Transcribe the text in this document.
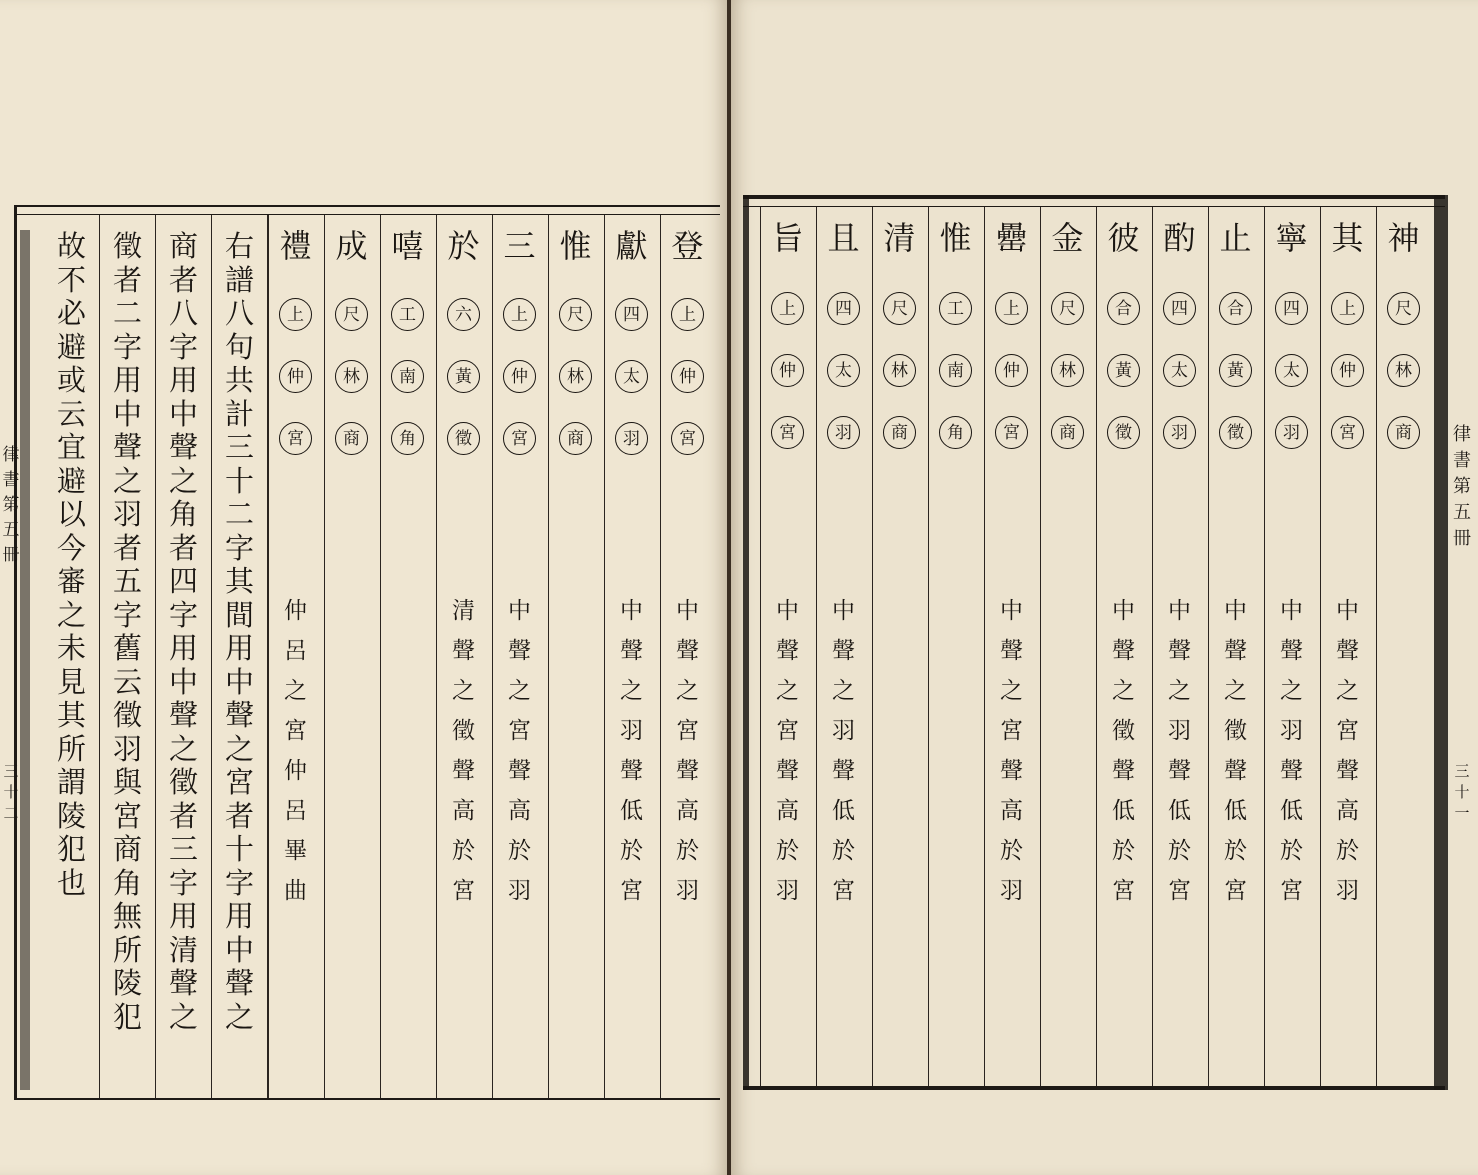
登
上
仲
宮
中
聲
之
宮
聲
高
於
羽
獻
四
太
羽
中
聲
之
羽
聲
低
於
宮
惟
尺
林
商
三
上
仲
宮
中
聲
之
宮
聲
高
於
羽
於
六
黃
徵
清
聲
之
徵
聲
高
於
宮
嘻
工
南
角
成
尺
林
商
禮
上
仲
宮
仲
呂
之
宮
仲
呂
畢
曲
右
譜
八
句
共
計
三
十
二
字
其
間
用
中
聲
之
宮
者
十
字
用
中
聲
之
商
者
八
字
用
中
聲
之
角
者
四
字
用
中
聲
之
徵
者
三
字
用
清
聲
之
徵
者
二
字
用
中
聲
之
羽
者
五
字
舊
云
徵
羽
與
宮
商
角
無
所
陵
犯
故
不
必
避
或
云
宜
避
以
今
審
之
未
見
其
所
謂
陵
犯
也
律書第五冊
三十二
神
尺
林
商
其
上
仲
宮
中
聲
之
宮
聲
高
於
羽
寧
四
太
羽
中
聲
之
羽
聲
低
於
宮
止
合
黃
徵
中
聲
之
徵
聲
低
於
宮
酌
四
太
羽
中
聲
之
羽
聲
低
於
宮
彼
合
黃
徵
中
聲
之
徵
聲
低
於
宮
金
尺
林
商
罍
上
仲
宮
中
聲
之
宮
聲
高
於
羽
惟
工
南
角
清
尺
林
商
且
四
太
羽
中
聲
之
羽
聲
低
於
宮
旨
上
仲
宮
中
聲
之
宮
聲
高
於
羽
律書第五冊
三十一
